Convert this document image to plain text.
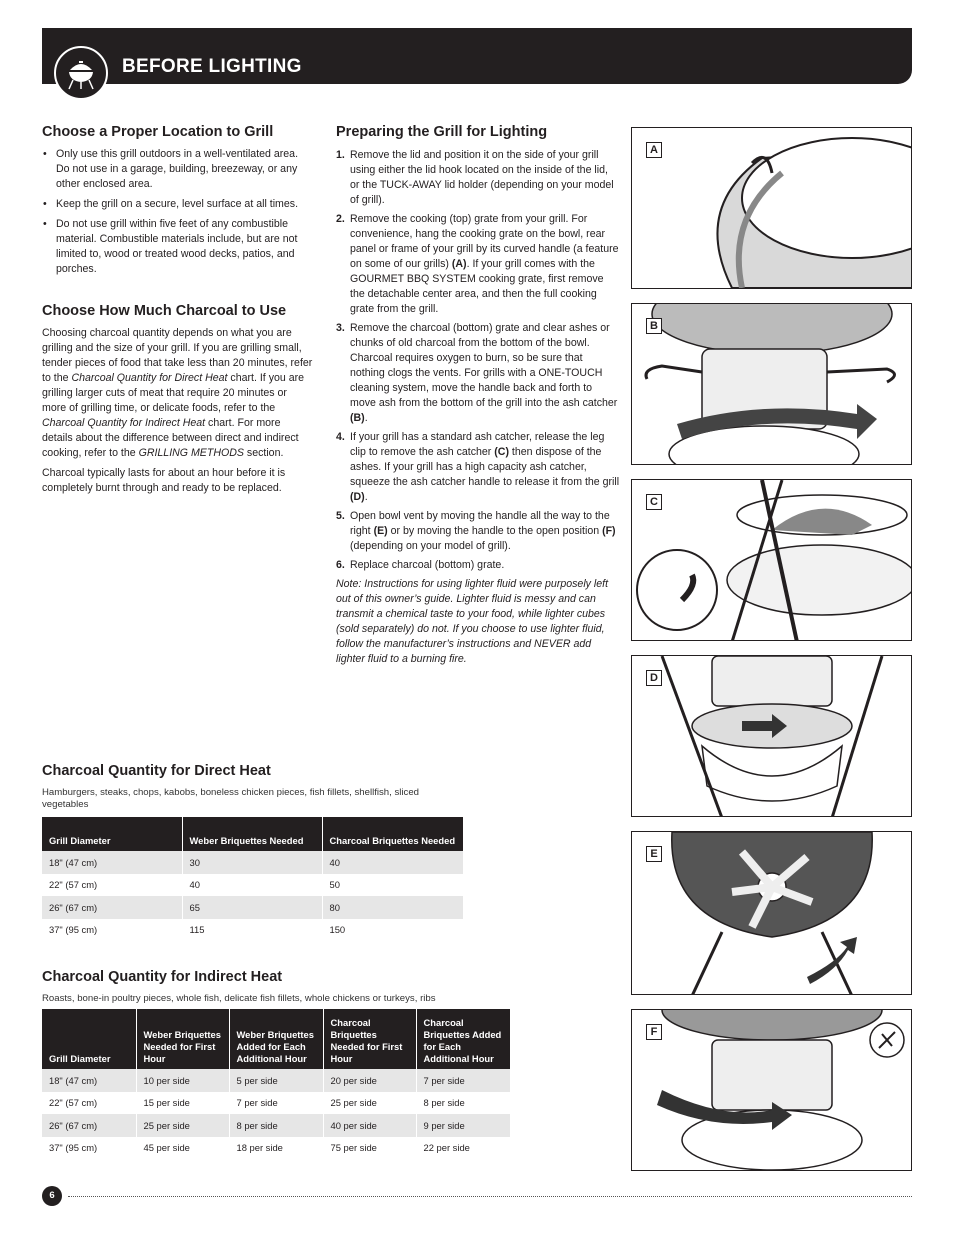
BEFORE LIGHTING
Choose a Proper Location to Grill
• Only use this grill outdoors in a well-ventilated area. Do not use in a garage, building, breezeway, or any other enclosed area.
• Keep the grill on a secure, level surface at all times.
• Do not use grill within five feet of any combustible material. Combustible materials include, but are not limited to, wood or treated wood decks, patios, and porches.
Choose How Much Charcoal to Use

Choosing charcoal quantity depends on what you are grilling and the size of your grill. If you are grilling small, tender pieces of food that take less than 20 minutes, refer to the Charcoal Quantity for Direct Heat chart. If you are grilling larger cuts of meat that require 20 minutes or more of grilling time, or delicate foods, refer to the Charcoal Quantity for Indirect Heat chart. For more details about the difference between direct and indirect cooking, refer to the GRILLING METHODS section.

Charcoal typically lasts for about an hour before it is completely burnt through and ready to be replaced.

Preparing the Grill for Lighting
1. Remove the lid and position it on the side of your grill using either the lid hook located on the inside of the lid, or the TUCK-AWAY lid holder (depending on your model of grill).
2. Remove the cooking (top) grate from your grill. For convenience, hang the cooking grate on the bowl, rear panel or frame of your grill by its curved handle (a feature on some of our grills) (A). If your grill comes with the GOURMET BBQ SYSTEM cooking grate, first remove the detachable center area, and then the full cooking grate from the grill.
3. Remove the charcoal (bottom) grate and clear ashes or chunks of old charcoal from the bottom of the bowl. Charcoal requires oxygen to burn, so be sure that nothing clogs the vents. For grills with a ONE-TOUCH cleaning system, move the handle back and forth to move ash from the bottom of the grill into the ash catcher (B).
4. If your grill has a standard ash catcher, release the leg clip to remove the ash catcher (C) then dispose of the ashes. If your grill has a high capacity ash catcher, squeeze the ash catcher handle to release it from the grill (D).
5. Open bowl vent by moving the handle all the way to the right (E) or by moving the handle to the open position (F) (depending on your model of grill).
6. Replace charcoal (bottom) grate.

Note: Instructions for using lighter fluid were purposely left out of this owner’s guide. Lighter fluid is messy and can transmit a chemical taste to your food, while lighter cubes (sold separately) do not. If you choose to use lighter fluid, follow the manufacturer’s instructions and NEVER add lighter fluid to a burning fire.

A
B
C
D
E
F
Charcoal Quantity for Direct Heat
Hamburgers, steaks, chops, kabobs, boneless chicken pieces, fish fillets, shellfish, sliced vegetables
Grill Diameter	Weber Briquettes Needed	Charcoal Briquettes Needed
18" (47 cm)	30	40
22" (57 cm)	40	50
26" (67 cm)	65	80
37" (95 cm)	115	150
Charcoal Quantity for Indirect Heat
Roasts, bone-in poultry pieces, whole fish, delicate fish fillets, whole chickens or turkeys, ribs
Grill Diameter	Weber Briquettes Needed for First Hour	Weber Briquettes Added for Each Additional Hour	Charcoal Briquettes Needed for First Hour	Charcoal Briquettes Added for Each Additional Hour
18" (47 cm)	10 per side	5 per side	20 per side	7 per side
22" (57 cm)	15 per side	7 per side	25 per side	8 per side
26" (67 cm)	25 per side	8 per side	40 per side	9 per side
37" (95 cm)	45 per side	18 per side	75 per side	22 per side
6
